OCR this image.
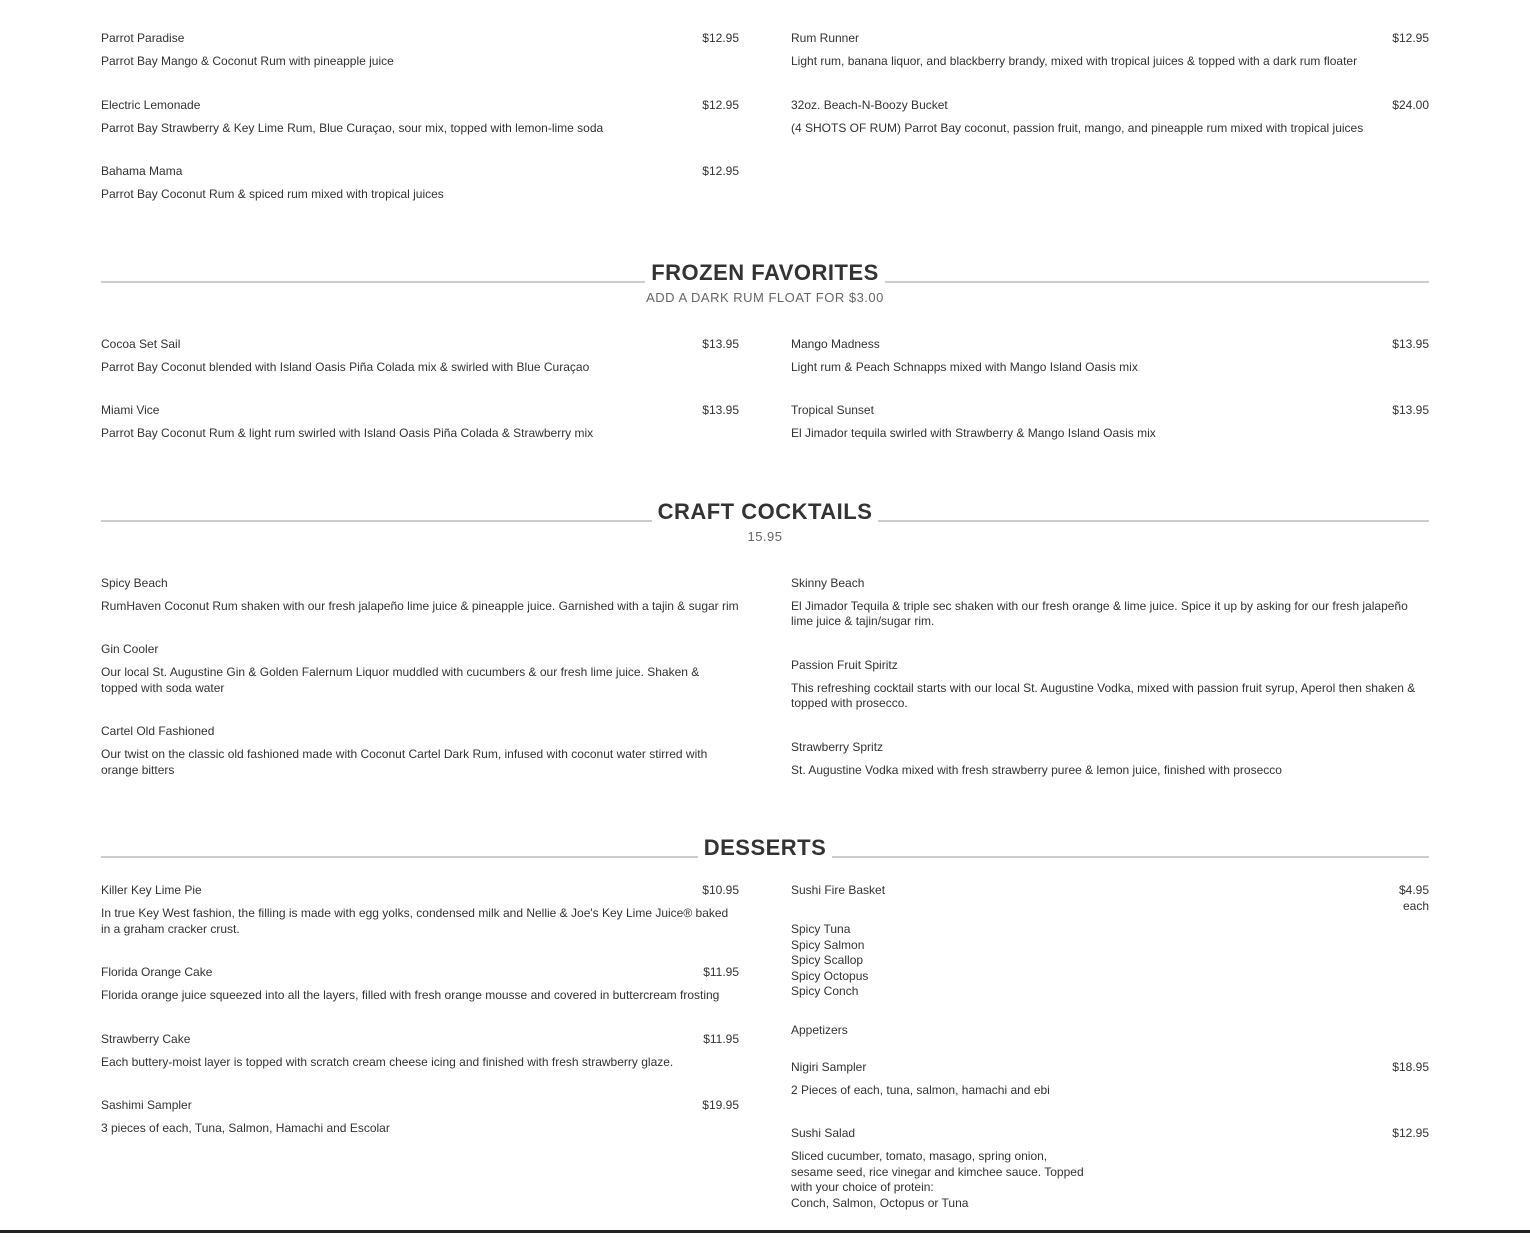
Parrot Paradise	$12.95
Parrot Bay Mango & Coconut Rum with pineapple juice
Electric Lemonade	$12.95
Parrot Bay Strawberry & Key Lime Rum, Blue Curaçao, sour mix, topped with lemon-lime soda
Bahama Mama	$12.95
Parrot Bay Coconut Rum & spiced rum mixed with tropical juices
Rum Runner	$12.95
Light rum, banana liquor, and blackberry brandy, mixed with tropical juices & topped with a dark rum floater
32oz. Beach-N-Boozy Bucket	$24.00
(4 SHOTS OF RUM) Parrot Bay coconut, passion fruit, mango, and pineapple rum mixed with tropical juices
FROZEN FAVORITES
ADD A DARK RUM FLOAT FOR $3.00
Cocoa Set Sail	$13.95
Parrot Bay Coconut blended with Island Oasis Piña Colada mix & swirled with Blue Curaçao
Miami Vice	$13.95
Parrot Bay Coconut Rum & light rum swirled with Island Oasis Piña Colada & Strawberry mix
Mango Madness	$13.95
Light rum & Peach Schnapps mixed with Mango Island Oasis mix
Tropical Sunset	$13.95
El Jimador tequila swirled with Strawberry & Mango Island Oasis mix
CRAFT COCKTAILS
15.95
Spicy Beach
RumHaven Coconut Rum shaken with our fresh jalapeño lime juice & pineapple juice. Garnished with a tajin & sugar rim
Gin Cooler
Our local St. Augustine Gin & Golden Falernum Liquor muddled with cucumbers & our fresh lime juice. Shaken & topped with soda water
Cartel Old Fashioned
Our twist on the classic old fashioned made with Coconut Cartel Dark Rum, infused with coconut water stirred with orange bitters
Skinny Beach
El Jimador Tequila & triple sec shaken with our fresh orange & lime juice. Spice it up by asking for our fresh jalapeño lime juice & tajin/sugar rim.
Passion Fruit Spiritz
This refreshing cocktail starts with our local St. Augustine Vodka, mixed with passion fruit syrup, Aperol then shaken & topped with prosecco.
Strawberry Spritz
St. Augustine Vodka mixed with fresh strawberry puree & lemon juice, finished with prosecco
DESSERTS
Killer Key Lime Pie	$10.95
In true Key West fashion, the filling is made with egg yolks, condensed milk and Nellie & Joe's Key Lime Juice® baked in a graham cracker crust.
Florida Orange Cake	$11.95
Florida orange juice squeezed into all the layers, filled with fresh orange mousse and covered in buttercream frosting
Strawberry Cake	$11.95
Each buttery-moist layer is topped with scratch cream cheese icing and finished with fresh strawberry glaze.
Sashimi Sampler	$19.95
3 pieces of each, Tuna, Salmon, Hamachi and Escolar
Sushi Fire Basket	$4.95
each
Spicy Tuna
Spicy Salmon
Spicy Scallop
Spicy Octopus
Spicy Conch
Appetizers
Nigiri Sampler	$18.95
2 Pieces of each, tuna, salmon, hamachi and ebi
Sushi Salad	$12.95
Sliced cucumber, tomato, masago, spring onion,
sesame seed, rice vinegar and kimchee sauce. Topped
with your choice of protein:
Conch, Salmon, Octopus or Tuna
